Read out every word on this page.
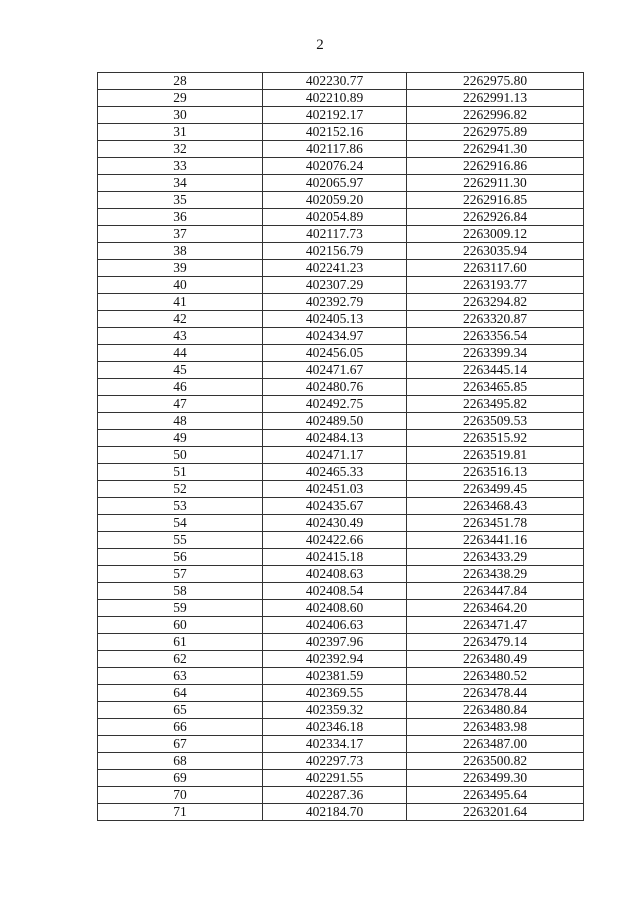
2
28	402230.77	2262975.80
29	402210.89	2262991.13
30	402192.17	2262996.82
31	402152.16	2262975.89
32	402117.86	2262941.30
33	402076.24	2262916.86
34	402065.97	2262911.30
35	402059.20	2262916.85
36	402054.89	2262926.84
37	402117.73	2263009.12
38	402156.79	2263035.94
39	402241.23	2263117.60
40	402307.29	2263193.77
41	402392.79	2263294.82
42	402405.13	2263320.87
43	402434.97	2263356.54
44	402456.05	2263399.34
45	402471.67	2263445.14
46	402480.76	2263465.85
47	402492.75	2263495.82
48	402489.50	2263509.53
49	402484.13	2263515.92
50	402471.17	2263519.81
51	402465.33	2263516.13
52	402451.03	2263499.45
53	402435.67	2263468.43
54	402430.49	2263451.78
55	402422.66	2263441.16
56	402415.18	2263433.29
57	402408.63	2263438.29
58	402408.54	2263447.84
59	402408.60	2263464.20
60	402406.63	2263471.47
61	402397.96	2263479.14
62	402392.94	2263480.49
63	402381.59	2263480.52
64	402369.55	2263478.44
65	402359.32	2263480.84
66	402346.18	2263483.98
67	402334.17	2263487.00
68	402297.73	2263500.82
69	402291.55	2263499.30
70	402287.36	2263495.64
71	402184.70	2263201.64
